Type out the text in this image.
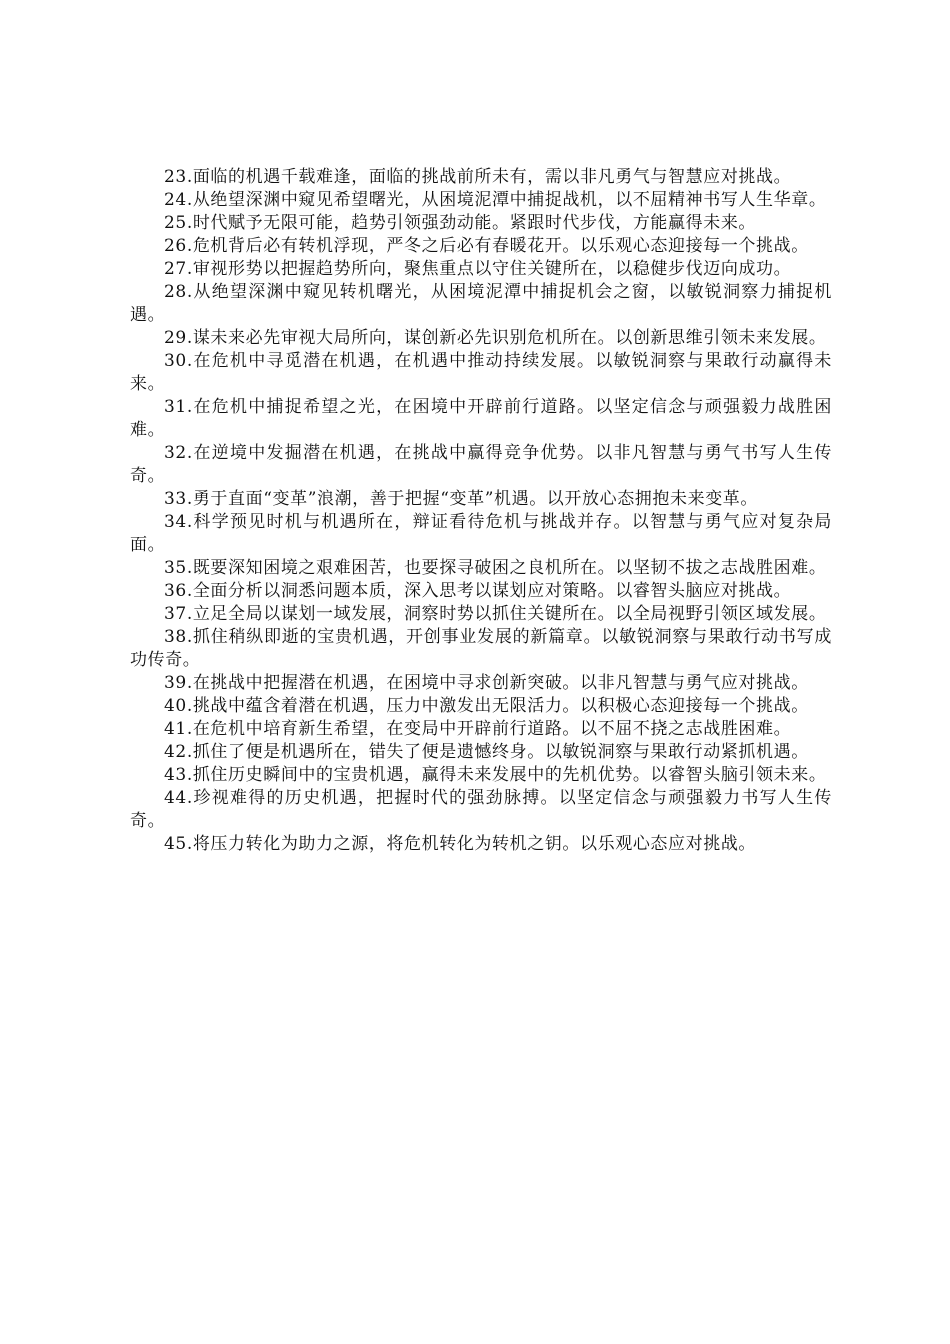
23.面临的机遇千载难逢，面临的挑战前所未有，需以非凡勇气与智慧应对挑战。

24.从绝望深渊中窥见希望曙光，从困境泥潭中捕捉战机，以不屈精神书写人生华章。

25.时代赋予无限可能，趋势引领强劲动能。紧跟时代步伐，方能赢得未来。

26.危机背后必有转机浮现，严冬之后必有春暖花开。以乐观心态迎接每一个挑战。

27.审视形势以把握趋势所向，聚焦重点以守住关键所在，以稳健步伐迈向成功。

28.从绝望深渊中窥见转机曙光，从困境泥潭中捕捉机会之窗，以敏锐洞察力捕捉机遇。

29.谋未来必先审视大局所向，谋创新必先识别危机所在。以创新思维引领未来发展。

30.在危机中寻觅潜在机遇，在机遇中推动持续发展。以敏锐洞察与果敢行动赢得未来。

31.在危机中捕捉希望之光，在困境中开辟前行道路。以坚定信念与顽强毅力战胜困难。

32.在逆境中发掘潜在机遇，在挑战中赢得竞争优势。以非凡智慧与勇气书写人生传奇。

33.勇于直面“变革”浪潮，善于把握“变革”机遇。以开放心态拥抱未来变革。

34.科学预见时机与机遇所在，辩证看待危机与挑战并存。以智慧与勇气应对复杂局面。

35.既要深知困境之艰难困苦，也要探寻破困之良机所在。以坚韧不拔之志战胜困难。

36.全面分析以洞悉问题本质，深入思考以谋划应对策略。以睿智头脑应对挑战。

37.立足全局以谋划一域发展，洞察时势以抓住关键所在。以全局视野引领区域发展。

38.抓住稍纵即逝的宝贵机遇，开创事业发展的新篇章。以敏锐洞察与果敢行动书写成功传奇。

39.在挑战中把握潜在机遇，在困境中寻求创新突破。以非凡智慧与勇气应对挑战。

40.挑战中蕴含着潜在机遇，压力中激发出无限活力。以积极心态迎接每一个挑战。

41.在危机中培育新生希望，在变局中开辟前行道路。以不屈不挠之志战胜困难。

42.抓住了便是机遇所在，错失了便是遗憾终身。以敏锐洞察与果敢行动紧抓机遇。

43.抓住历史瞬间中的宝贵机遇，赢得未来发展中的先机优势。以睿智头脑引领未来。

44.珍视难得的历史机遇，把握时代的强劲脉搏。以坚定信念与顽强毅力书写人生传奇。

45.将压力转化为助力之源，将危机转化为转机之钥。以乐观心态应对挑战。
